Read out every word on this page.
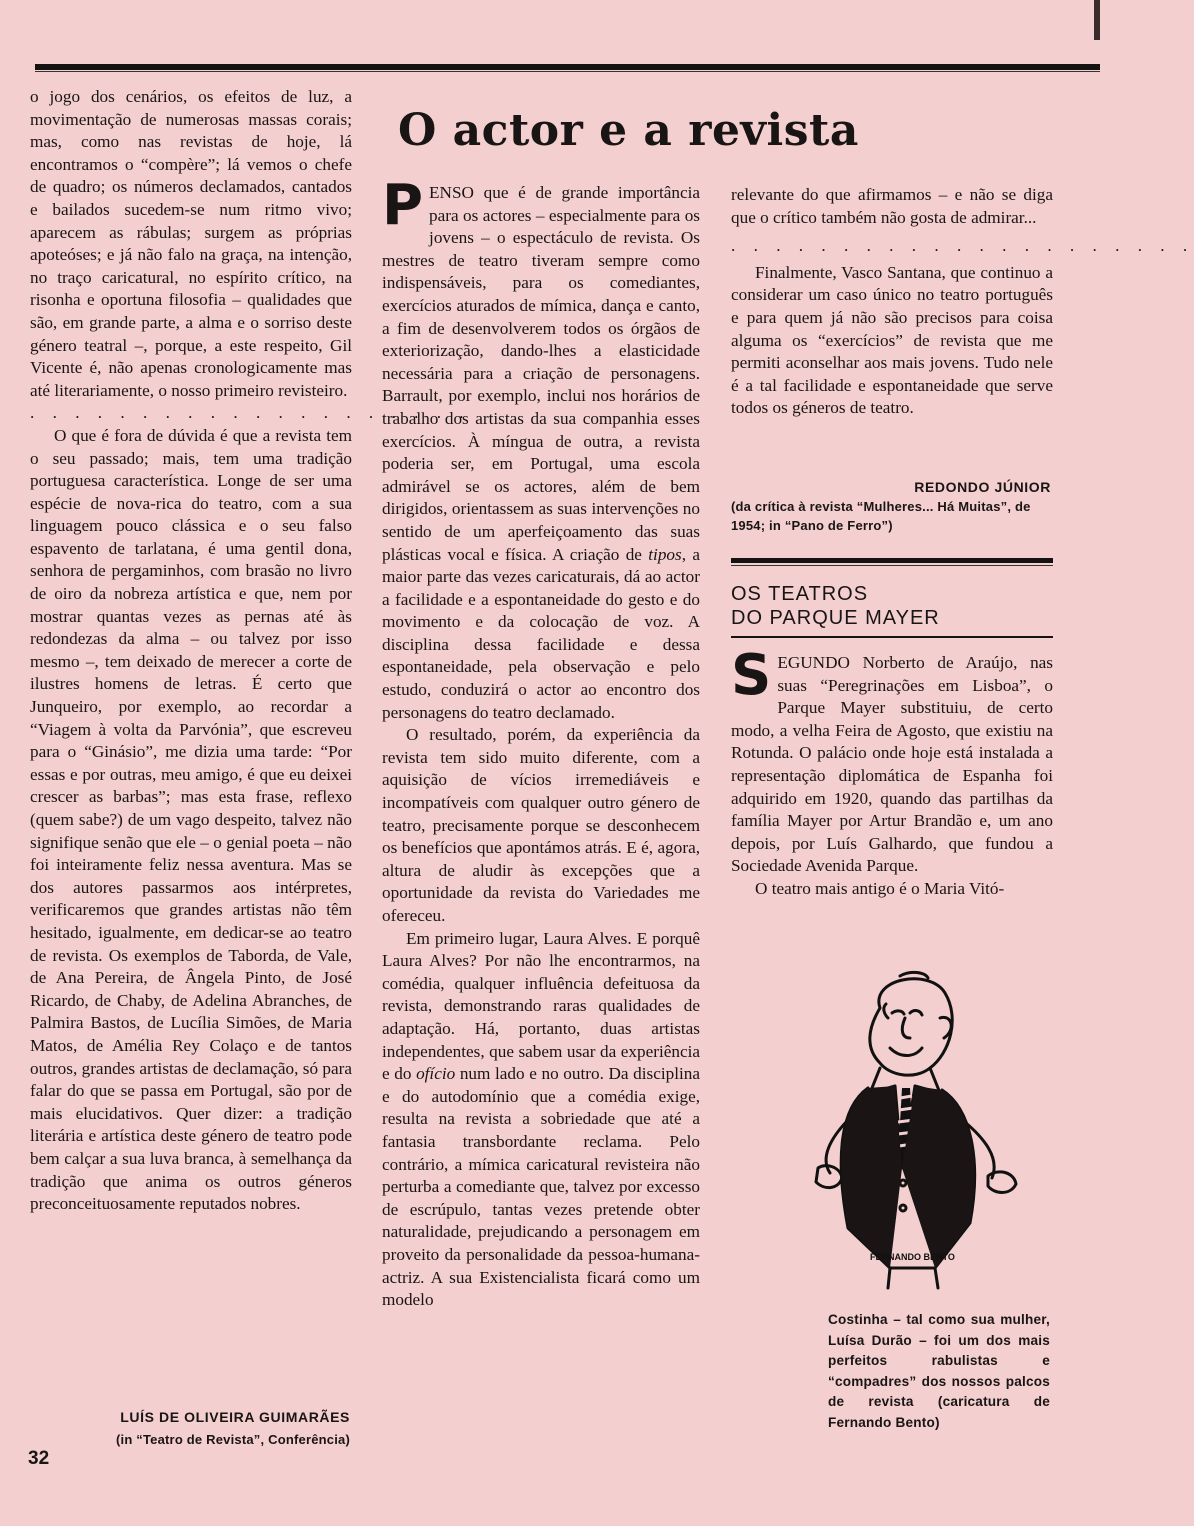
o jogo dos cenários, os efeitos de luz, a movimentação de numerosas massas corais; mas, como nas revistas de hoje, lá encontramos o “compère”; lá vemos o chefe de quadro; os números declamados, cantados e bailados sucedem-se num ritmo vivo; aparecem as rábulas; surgem as próprias apoteóses; e já não falo na graça, na intenção, no traço caricatural, no espírito crítico, na risonha e oportuna filosofia – qualidades que são, em grande parte, a alma e o sorriso deste género teatral –, porque, a este respeito, Gil Vicente é, não apenas cronologicamente mas até literariamente, o nosso primeiro revisteiro.

. . . . . . . . . . . . . . . . . . . .

O que é fora de dúvida é que a revista tem o seu passado; mais, tem uma tradição portuguesa característica. Longe de ser uma espécie de nova-rica do teatro, com a sua linguagem pouco clássica e o seu falso espavento de tarlatana, é uma gentil dona, senhora de pergaminhos, com brasão no livro de oiro da nobreza artística e que, nem por mostrar quantas vezes as pernas até às redondezas da alma – ou talvez por isso mesmo –, tem deixado de merecer a corte de ilustres homens de letras. É certo que Junqueiro, por exemplo, ao recordar a “Viagem à volta da Parvónia”, que escreveu para o “Ginásio”, me dizia uma tarde: “Por essas e por outras, meu amigo, é que eu deixei crescer as barbas”; mas esta frase, reflexo (quem sabe?) de um vago despeito, talvez não signifique senão que ele – o genial poeta – não foi inteiramente feliz nessa aventura. Mas se dos autores passarmos aos intérpretes, verificaremos que grandes artistas não têm hesitado, igualmente, em dedicar-se ao teatro de revista. Os exemplos de Taborda, de Vale, de Ana Pereira, de Ângela Pinto, de José Ricardo, de Chaby, de Adelina Abranches, de Palmira Bastos, de Lucília Simões, de Maria Matos, de Amélia Rey Colaço e de tantos outros, grandes artistas de declamação, só para falar do que se passa em Portugal, são por de mais elucidativos. Quer dizer: a tradição literária e artística deste género de teatro pode bem calçar a sua luva branca, à semelhança da tradição que anima os outros géneros preconceituosamente reputados nobres.

LUÍS DE OLIVEIRA GUIMARÃES

(in “Teatro de Revista”, Conferência)

O actor e a revista

PENSO que é de grande importância para os actores – especialmente para os jovens – o espectáculo de revista. Os mestres de teatro tiveram sempre como indispensáveis, para os comediantes, exercícios aturados de mímica, dança e canto, a fim de desenvolverem todos os órgãos de exteriorização, dando-lhes a elasticidade necessária para a criação de personagens. Barrault, por exemplo, inclui nos horários de trabalho dos artistas da sua companhia esses exercícios. À míngua de outra, a revista poderia ser, em Portugal, uma escola admirável se os actores, além de bem dirigidos, orientassem as suas intervenções no sentido de um aperfeiçoamento das suas plásticas vocal e física. A criação de tipos, a maior parte das vezes caricaturais, dá ao actor a facilidade e a espontaneidade do gesto e do movimento e da colocação de voz. A disciplina dessa facilidade e dessa espontaneidade, pela observação e pelo estudo, conduzirá o actor ao encontro dos personagens do teatro declamado.

O resultado, porém, da experiência da revista tem sido muito diferente, com a aquisição de vícios irremediáveis e incompatíveis com qualquer outro género de teatro, precisamente porque se desconhecem os benefícios que apontámos atrás. E é, agora, altura de aludir às excepções que a oportunidade da revista do Variedades me ofereceu.

Em primeiro lugar, Laura Alves. E porquê Laura Alves? Por não lhe encontrarmos, na comédia, qualquer influência defeituosa da revista, demonstrando raras qualidades de adaptação. Há, portanto, duas artistas independentes, que sabem usar da experiência e do ofício num lado e no outro. Da disciplina e do autodomínio que a comédia exige, resulta na revista a sobriedade que até a fantasia transbordante reclama. Pelo contrário, a mímica caricatural revisteira não perturba a comediante que, talvez por excesso de escrúpulo, tantas vezes pretende obter naturalidade, prejudicando a personagem em proveito da personalidade da pessoa-humana-actriz. A sua Existencialista ficará como um modelo

relevante do que afirmamos – e não se diga que o crítico também não gosta de admirar...

. . . . . . . . . . . . . . . . . . . . .

Finalmente, Vasco Santana, que continuo a considerar um caso único no teatro português e para quem já não são precisos para coisa alguma os “exercícios” de revista que me permiti aconselhar aos mais jovens. Tudo nele é a tal facilidade e espontaneidade que serve todos os géneros de teatro.

REDONDO JÚNIOR

(da crítica à revista “Mulheres... Há Muitas”, de 1954; in “Pano de Ferro”)

OS TEATROS
DO PARQUE MAYER

SEGUNDO Norberto de Araújo, nas suas “Peregrinações em Lisboa”, o Parque Mayer substituiu, de certo modo, a velha Feira de Agosto, que existiu na Rotunda. O palácio onde hoje está instalada a representação diplomática de Espanha foi adquirido em 1920, quando das partilhas da família Mayer por Artur Brandão e, um ano depois, por Luís Galhardo, que fundou a Sociedade Avenida Parque.

O teatro mais antigo é o Maria Vitó-

FERNANDO BENTO

Costinha – tal como sua mulher, Luísa Durão – foi um dos mais perfeitos rabulistas e “compadres” dos nossos palcos de revista (caricatura de Fernando Bento)

32
